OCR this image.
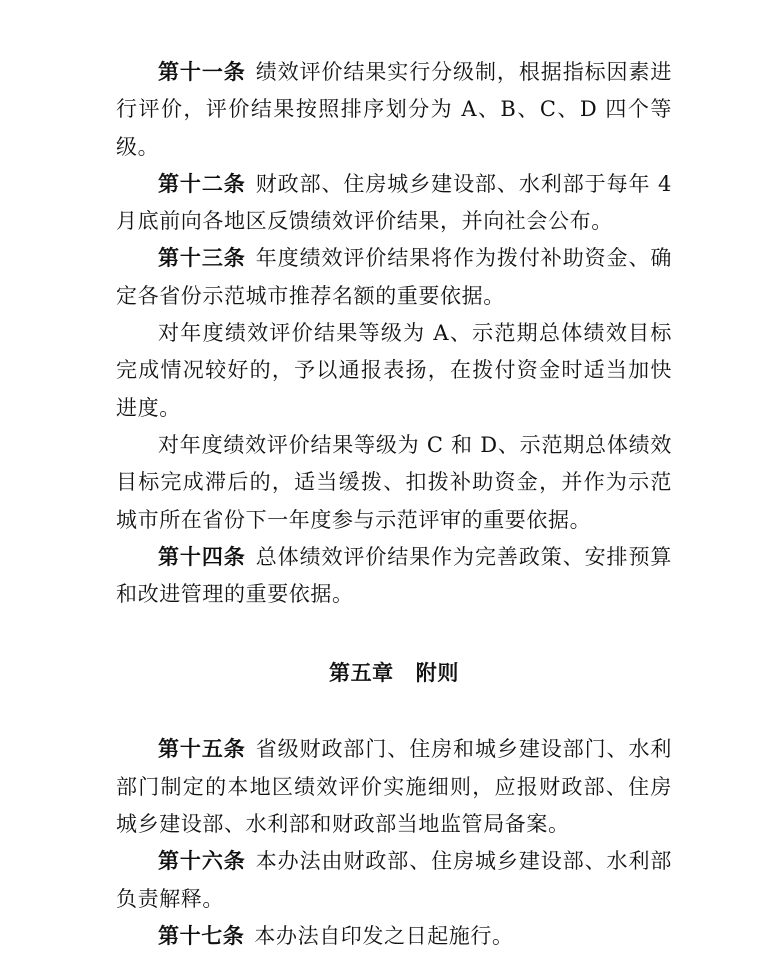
第十一条 绩效评价结果实行分级制，根据指标因素进行评价，评价结果按照排序划分为 A、B、C、D 四个等级。

第十二条 财政部、住房城乡建设部、水利部于每年 4 月底前向各地区反馈绩效评价结果，并向社会公布。

第十三条 年度绩效评价结果将作为拨付补助资金、确定各省份示范城市推荐名额的重要依据。

对年度绩效评价结果等级为 A、示范期总体绩效目标完成情况较好的，予以通报表扬，在拨付资金时适当加快进度。

对年度绩效评价结果等级为 C 和 D、示范期总体绩效目标完成滞后的，适当缓拨、扣拨补助资金，并作为示范城市所在省份下一年度参与示范评审的重要依据。

第十四条 总体绩效评价结果作为完善政策、安排预算和改进管理的重要依据。

第五章 附则

第十五条 省级财政部门、住房和城乡建设部门、水利部门制定的本地区绩效评价实施细则，应报财政部、住房城乡建设部、水利部和财政部当地监管局备案。

第十六条 本办法由财政部、住房城乡建设部、水利部负责解释。

第十七条 本办法自印发之日起施行。
